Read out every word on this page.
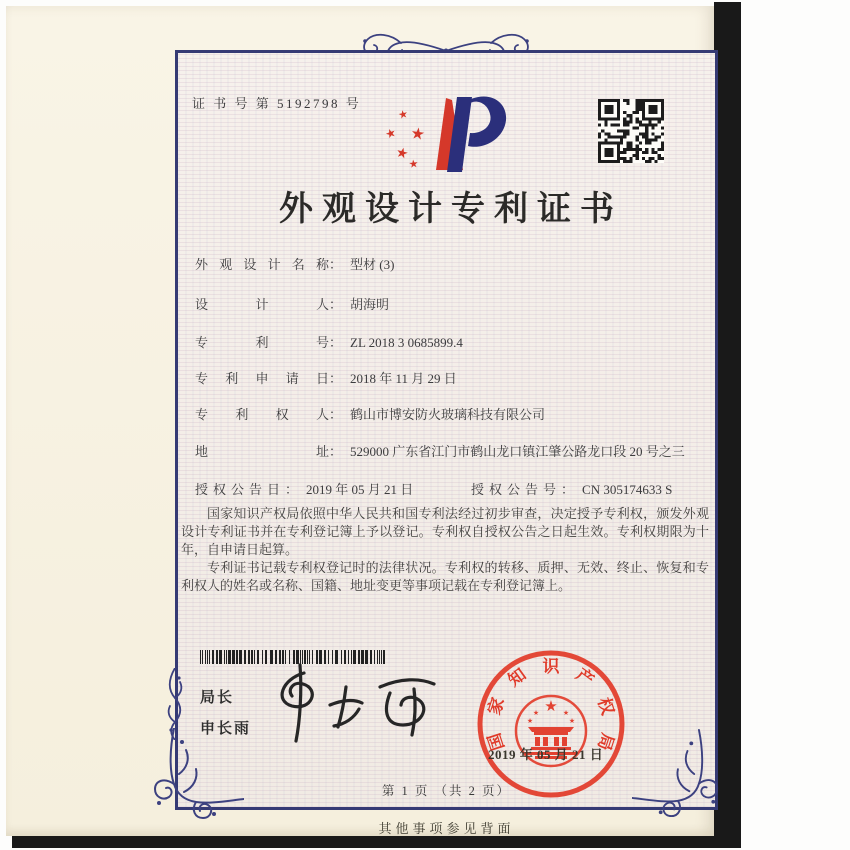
证 书 号 第 5192798 号
★
★
★
★
★
外观设计专利证书
外观设计名称： 型材 (3)
设计人： 胡海明
专利号： ZL 2018 3 0685899.4
专利申请日： 2018 年 11 月 29 日
专利权人： 鹤山市博安防火玻璃科技有限公司
地址： 529000 广东省江门市鹤山龙口镇江肇公路龙口段 20 号之三
授权公告日： 2019 年 05 月 21 日	授权公告号： CN 305174633 S

国家知识产权局依照中华人民共和国专利法经过初步审查，决定授予专利权，颁发外观设计专利证书并在专利登记簿上予以登记。专利权自授权公告之日起生效。专利权期限为十年，自申请日起算。

专利证书记载专利权登记时的法律状况。专利权的转移、质押、无效、终止、恢复和专利权人的姓名或名称、国籍、地址变更等事项记载在专利登记簿上。

局长
申长雨
★
★	★
★	★
国
家
知 识 产
权
局
2019 年 05 月 21 日
第 1 页 （共 2 页）
其他事项参见背面
